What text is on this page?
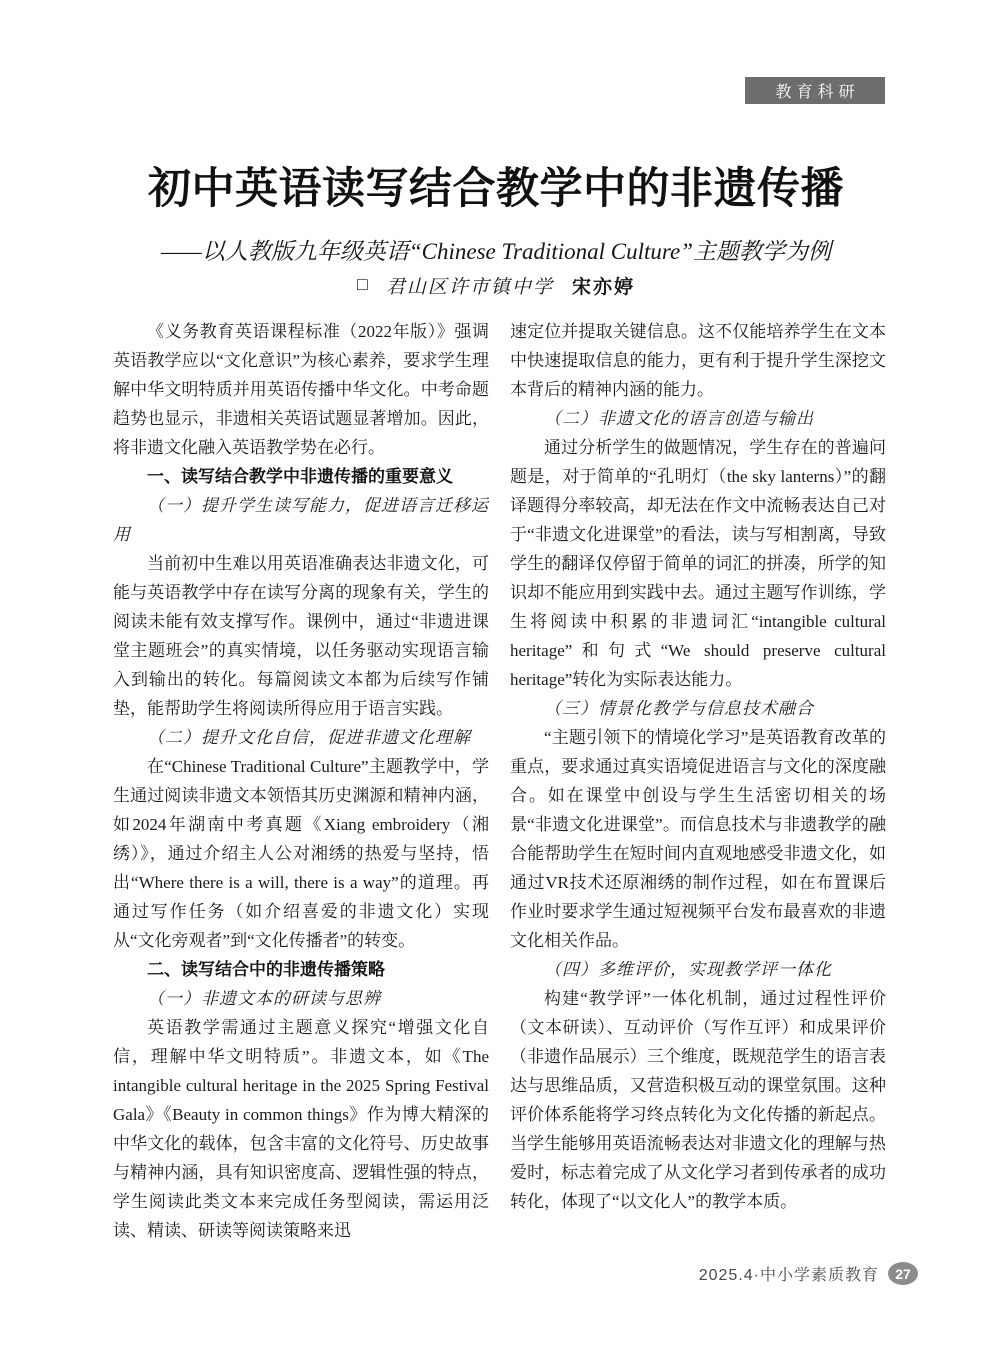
教育科研
初中英语读写结合教学中的非遗传播
——以人教版九年级英语“Chinese Traditional Culture”主题教学为例
□ 君山区许市镇中学 宋亦婷
《义务教育英语课程标准（2022年版）》强调英语教学应以“文化意识”为核心素养，要求学生理解中华文明特质并用英语传播中华文化。中考命题趋势也显示，非遗相关英语试题显著增加。因此，将非遗文化融入英语教学势在必行。
一、读写结合教学中非遗传播的重要意义
（一）提升学生读写能力，促进语言迁移运用
当前初中生难以用英语准确表达非遗文化，可能与英语教学中存在读写分离的现象有关，学生的阅读未能有效支撑写作。课例中，通过“非遗进课堂主题班会”的真实情境，以任务驱动实现语言输入到输出的转化。每篇阅读文本都为后续写作铺垫，能帮助学生将阅读所得应用于语言实践。
（二）提升文化自信，促进非遗文化理解
在“Chinese Traditional Culture”主题教学中，学生通过阅读非遗文本领悟其历史渊源和精神内涵，如2024年湖南中考真题《Xiang embroidery（湘绣）》，通过介绍主人公对湘绣的热爱与坚持，悟出“Where there is a will, there is a way”的道理。再通过写作任务（如介绍喜爱的非遗文化）实现从“文化旁观者”到“文化传播者”的转变。
二、读写结合中的非遗传播策略
（一）非遗文本的研读与思辨
英语教学需通过主题意义探究“增强文化自信，理解中华文明特质”。非遗文本，如《The intangible cultural heritage in the 2025 Spring Festival Gala》《Beauty in common things》作为博大精深的中华文化的载体，包含丰富的文化符号、历史故事与精神内涵，具有知识密度高、逻辑性强的特点，学生阅读此类文本来完成任务型阅读，需运用泛读、精读、研读等阅读策略来迅
速定位并提取关键信息。这不仅能培养学生在文本中快速提取信息的能力，更有利于提升学生深挖文本背后的精神内涵的能力。
（二）非遗文化的语言创造与输出
通过分析学生的做题情况，学生存在的普遍问题是，对于简单的“孔明灯（the sky lanterns）”的翻译题得分率较高，却无法在作文中流畅表达自己对于“非遗文化进课堂”的看法，读与写相割离，导致学生的翻译仅停留于简单的词汇的拼凑，所学的知识却不能应用到实践中去。通过主题写作训练，学生将阅读中积累的非遗词汇“intangible cultural heritage”和句式“We should preserve cultural heritage”转化为实际表达能力。
（三）情景化教学与信息技术融合
“主题引领下的情境化学习”是英语教育改革的重点，要求通过真实语境促进语言与文化的深度融合。如在课堂中创设与学生生活密切相关的场景“非遗文化进课堂”。而信息技术与非遗教学的融合能帮助学生在短时间内直观地感受非遗文化，如通过VR技术还原湘绣的制作过程，如在布置课后作业时要求学生通过短视频平台发布最喜欢的非遗文化相关作品。
（四）多维评价，实现教学评一体化
构建“教学评”一体化机制，通过过程性评价（文本研读）、互动评价（写作互评）和成果评价（非遗作品展示）三个维度，既规范学生的语言表达与思维品质，又营造积极互动的课堂氛围。这种评价体系能将学习终点转化为文化传播的新起点。当学生能够用英语流畅表达对非遗文化的理解与热爱时，标志着完成了从文化学习者到传承者的成功转化，体现了“以文化人”的教学本质。
2025.4·中小学素质教育	27
